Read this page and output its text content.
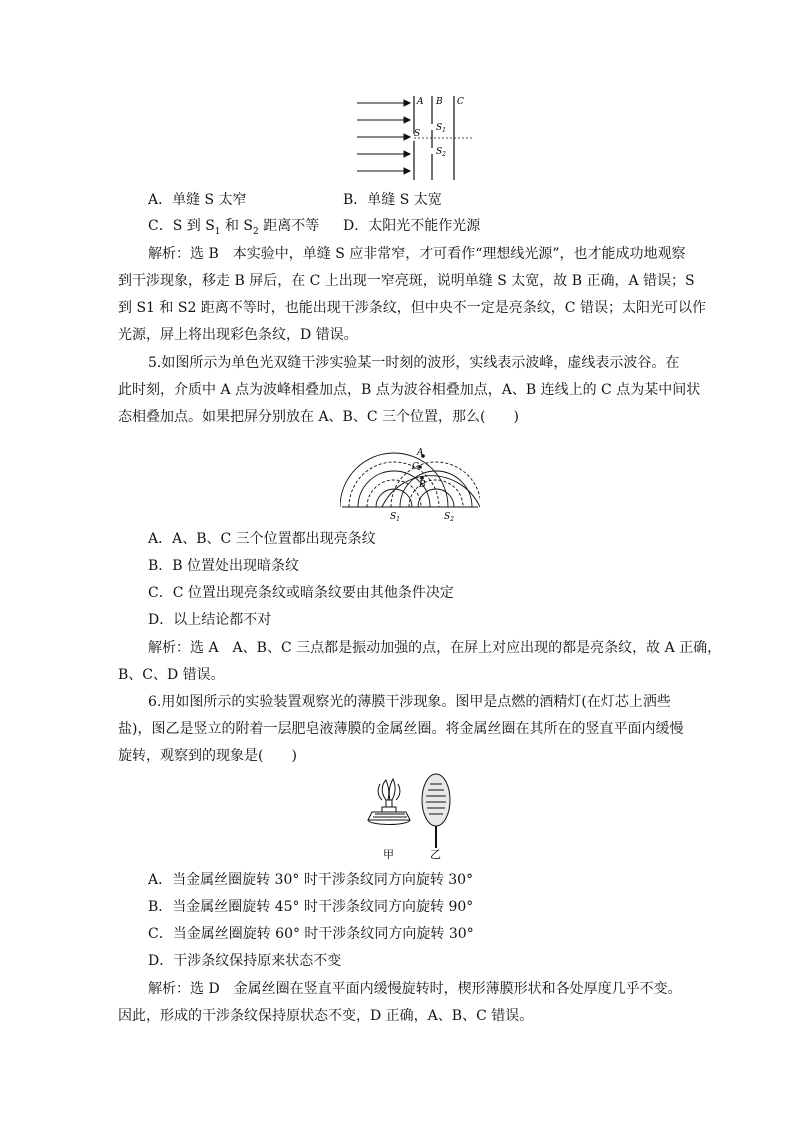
A B C
S
$S_1$
$S_2$
A．单缝 S 太窄	B．单缝 S 太宽
C．S 到 $S_1$ 和 $S_2$ 距离不等 D．太阳光不能作光源
解析：选 B　本实验中，单缝 S 应非常窄，才可看作“理想线光源”，也才能成功地观察
到干涉现象，移走 B 屏后，在 C 上出现一窄亮斑，说明单缝 S 太宽，故 B 正确，A 错误；S
到 S1 和 S2 距离不等时，也能出现干涉条纹，但中央不一定是亮条纹，C 错误；太阳光可以作
光源，屏上将出现彩色条纹，D 错误。
5.如图所示为单色光双缝干涉实验某一时刻的波形，实线表示波峰，虚线表示波谷。在
此时刻，介质中 A 点为波峰相叠加点，B 点为波谷相叠加点，A、B 连线上的 C 点为某中间状
态相叠加点。如果把屏分别放在 A、B、C 三个位置，那么(　　)
A
C
B
$S_1$	$S_2$
A．A、B、C 三个位置都出现亮条纹
B．B 位置处出现暗条纹
C．C 位置出现亮条纹或暗条纹要由其他条件决定
D．以上结论都不对
解析：选 A　A、B、C 三点都是振动加强的点，在屏上对应出现的都是亮条纹，故 A 正确，
B、C、D 错误。
6.用如图所示的实验装置观察光的薄膜干涉现象。图甲是点燃的酒精灯(在灯芯上洒些
盐)，图乙是竖立的附着一层肥皂液薄膜的金属丝圈。将金属丝圈在其所在的竖直平面内缓慢
旋转，观察到的现象是(　　)
甲	乙
A．当金属丝圈旋转 30° 时干涉条纹同方向旋转 30°
B．当金属丝圈旋转 45° 时干涉条纹同方向旋转 90°
C．当金属丝圈旋转 60° 时干涉条纹同方向旋转 30°
D．干涉条纹保持原来状态不变
解析：选 D　金属丝圈在竖直平面内缓慢旋转时，楔形薄膜形状和各处厚度几乎不变。
因此，形成的干涉条纹保持原状态不变，D 正确，A、B、C 错误。
